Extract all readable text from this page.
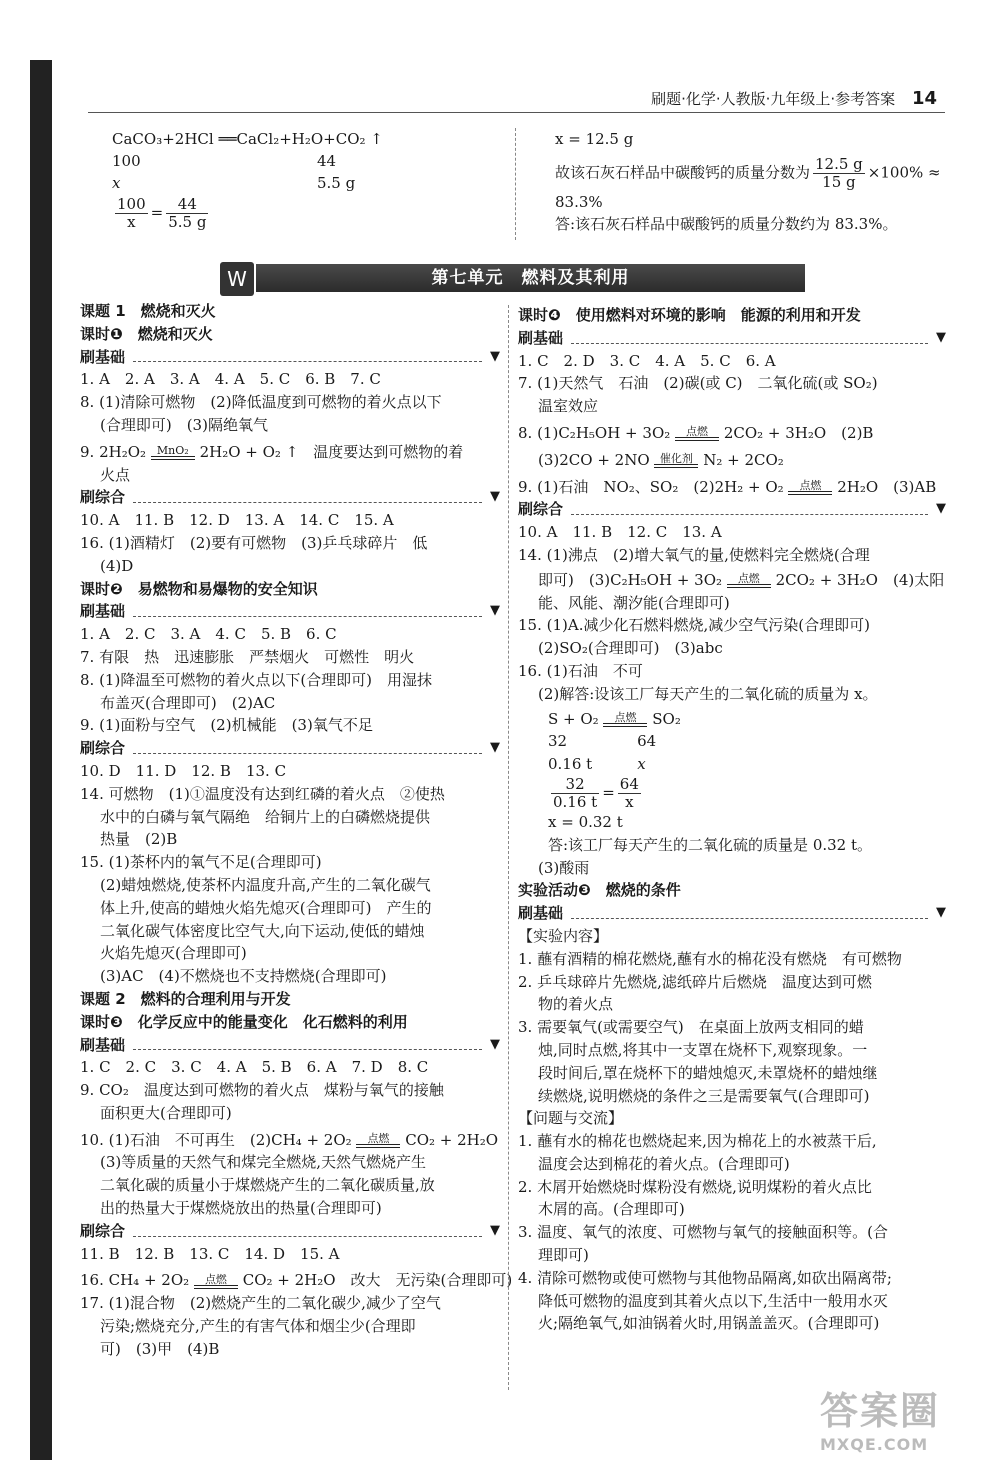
刷题·化学·人教版·九年级上·参考答案 14
CaCO₃+2HCl ══CaCl₂+H₂O+CO₂ ↑
100	44
x	5.5 g
$\frac{100}{x} = \frac{44}{5.5 g}$
x = 12.5 g
故该石灰石样品中碳酸钙的质量分数为 $\frac{12.5 g}{15 g} \times 100\%$ ≈
83.3%
答:该石灰石样品中碳酸钙的质量分数约为 83.3%。
W	第七单元　燃料及其利用
课题 1　燃烧和灭火
课时❶　燃烧和灭火
刷基础	▼
1. A　2. A　3. A　4. A　5. C　6. B　7. C
8. (1)清除可燃物　(2)降低温度到可燃物的着火点以下
(合理即可)　(3)隔绝氧气
9. 2H₂O₂ MnO₂ 2H₂O + O₂ ↑　温度要达到可燃物的着
火点
刷综合	▼
10. A　11. B　12. D　13. A　14. C　15. A
16. (1)酒精灯　(2)要有可燃物　(3)乒乓球碎片　低
(4)D
课时❷　易燃物和易爆物的安全知识
刷基础	▼
1. A　2. C　3. A　4. C　5. B　6. C
7. 有限　热　迅速膨胀　严禁烟火　可燃性　明火
8. (1)降温至可燃物的着火点以下(合理即可)　用湿抹
布盖灭(合理即可)　(2)AC
9. (1)面粉与空气　(2)机械能　(3)氧气不足
刷综合	▼
10. D　11. D　12. B　13. C
14. 可燃物　(1)①温度没有达到红磷的着火点　②使热
水中的白磷与氧气隔绝　给铜片上的白磷燃烧提供
热量　(2)B
15. (1)茶杯内的氧气不足(合理即可)
(2)蜡烛燃烧,使茶杯内温度升高,产生的二氧化碳气
体上升,使高的蜡烛火焰先熄灭(合理即可)　产生的
二氧化碳气体密度比空气大,向下运动,使低的蜡烛
火焰先熄灭(合理即可)
(3)AC　(4)不燃烧也不支持燃烧(合理即可)
课题 2　燃料的合理利用与开发
课时❸　化学反应中的能量变化　化石燃料的利用
刷基础	▼
1. C　2. C　3. C　4. A　5. B　6. A　7. D　8. C
9. CO₂　温度达到可燃物的着火点　煤粉与氧气的接触
面积更大(合理即可)
10. (1)石油　不可再生　(2)CH₄ + 2O₂	点燃	CO₂ + 2H₂O
(3)等质量的天然气和煤完全燃烧,天然气燃烧产生
二氧化碳的质量小于煤燃烧产生的二氧化碳质量,放
出的热量大于煤燃烧放出的热量(合理即可)
刷综合	▼
11. B　12. B　13. C　14. D　15. A
16. CH₄ + 2O₂	点燃	CO₂ + 2H₂O　改大　无污染(合理即可)
17. (1)混合物　(2)燃烧产生的二氧化碳少,减少了空气
污染;燃烧充分,产生的有害气体和烟尘少(合理即
可)　(3)甲　(4)B
课时❹　使用燃料对环境的影响　能源的利用和开发
刷基础	▼
1. C　2. D　3. C　4. A　5. C　6. A
7. (1)天然气　石油　(2)碳(或 C)　二氧化硫(或 SO₂)
温室效应
8. (1)C₂H₅OH + 3O₂	点燃	2CO₂ + 3H₂O　(2)B
(3)2CO + 2NO 催化剂 N₂ + 2CO₂
9. (1)石油　NO₂、SO₂　(2)2H₂ + O₂	点燃	2H₂O　(3)AB
刷综合	▼
10. A　11. B　12. C　13. A
14. (1)沸点　(2)增大氧气的量,使燃料完全燃烧(合理
即可)　(3)C₂H₅OH + 3O₂	点燃	2CO₂ + 3H₂O　(4)太阳
能、风能、潮汐能(合理即可)
15. (1)A.减少化石燃料燃烧,减少空气污染(合理即可)
(2)SO₂(合理即可)　(3)abc
16. (1)石油　不可
(2)解答:设该工厂每天产生的二氧化硫的质量为 x。
S + O₂	点燃	SO₂
32	64
0.16 t	x
$\frac{32}{0.16 t} = \frac{64}{x}$
x = 0.32 t
答:该工厂每天产生的二氧化硫的质量是 0.32 t。
(3)酸雨
实验活动❸　燃烧的条件
刷基础	▼
【实验内容】
1. 蘸有酒精的棉花燃烧,蘸有水的棉花没有燃烧　有可燃物
2. 乒乓球碎片先燃烧,滤纸碎片后燃烧　温度达到可燃
物的着火点
3. 需要氧气(或需要空气)　在桌面上放两支相同的蜡
烛,同时点燃,将其中一支罩在烧杯下,观察现象。一
段时间后,罩在烧杯下的蜡烛熄灭,未罩烧杯的蜡烛继
续燃烧,说明燃烧的条件之三是需要氧气(合理即可)
【问题与交流】
1. 蘸有水的棉花也燃烧起来,因为棉花上的水被蒸干后,
温度会达到棉花的着火点。(合理即可)
2. 木屑开始燃烧时煤粉没有燃烧,说明煤粉的着火点比
木屑的高。(合理即可)
3. 温度、氧气的浓度、可燃物与氧气的接触面积等。(合
理即可)
4. 清除可燃物或使可燃物与其他物品隔离,如砍出隔离带;
降低可燃物的温度到其着火点以下,生活中一般用水灭
火;隔绝氧气,如油锅着火时,用锅盖盖灭。(合理即可)
答案圈
MXQE.COM
